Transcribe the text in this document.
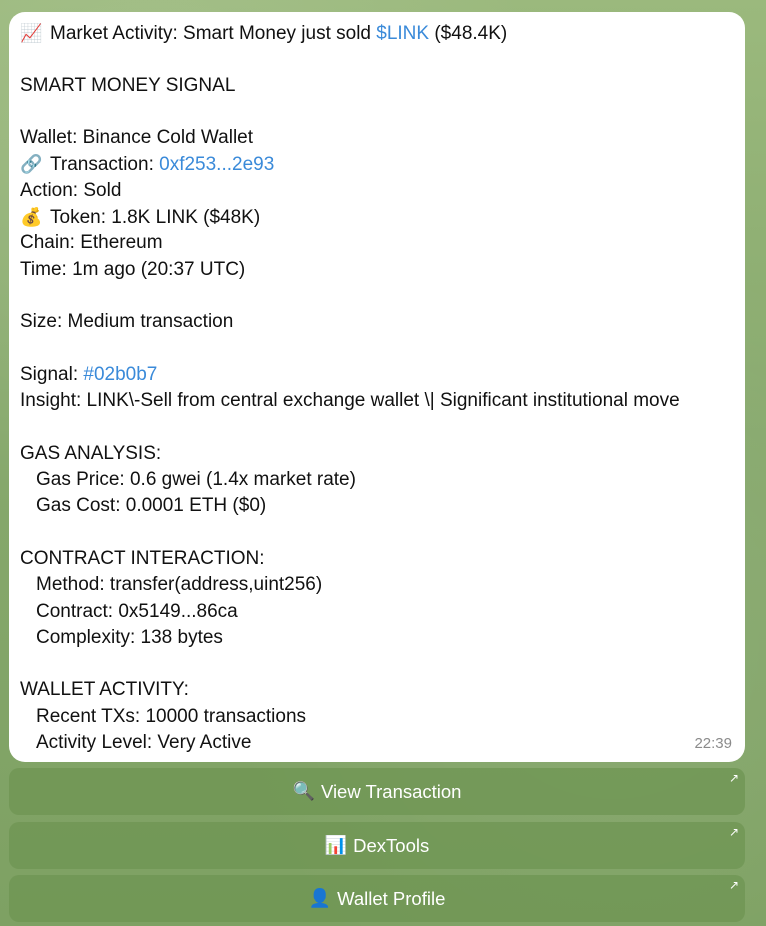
📈 Market Activity: Smart Money just sold $LINK ($48.4K)
SMART MONEY SIGNAL
Wallet: Binance Cold Wallet
🔗 Transaction: 0xf253...2e93
Action: Sold
💰 Token: 1.8K LINK ($48K)
Chain: Ethereum
Time: 1m ago (20:37 UTC)
Size: Medium transaction
Signal: #02b0b7
Insight: LINK\-Sell from central exchange wallet \| Significant institutional move
GAS ANALYSIS:
Gas Price: 0.6 gwei (1.4x market rate)
Gas Cost: 0.0001 ETH ($0)
CONTRACT INTERACTION:
Method: transfer(address,uint256)
Contract: 0x5149...86ca
Complexity: 138 bytes
WALLET ACTIVITY:
Recent TXs: 10000 transactions
Activity Level: Very Active	22:39
🔍 View Transaction
↗
📊 DexTools
↗
👤 Wallet Profile
↗
